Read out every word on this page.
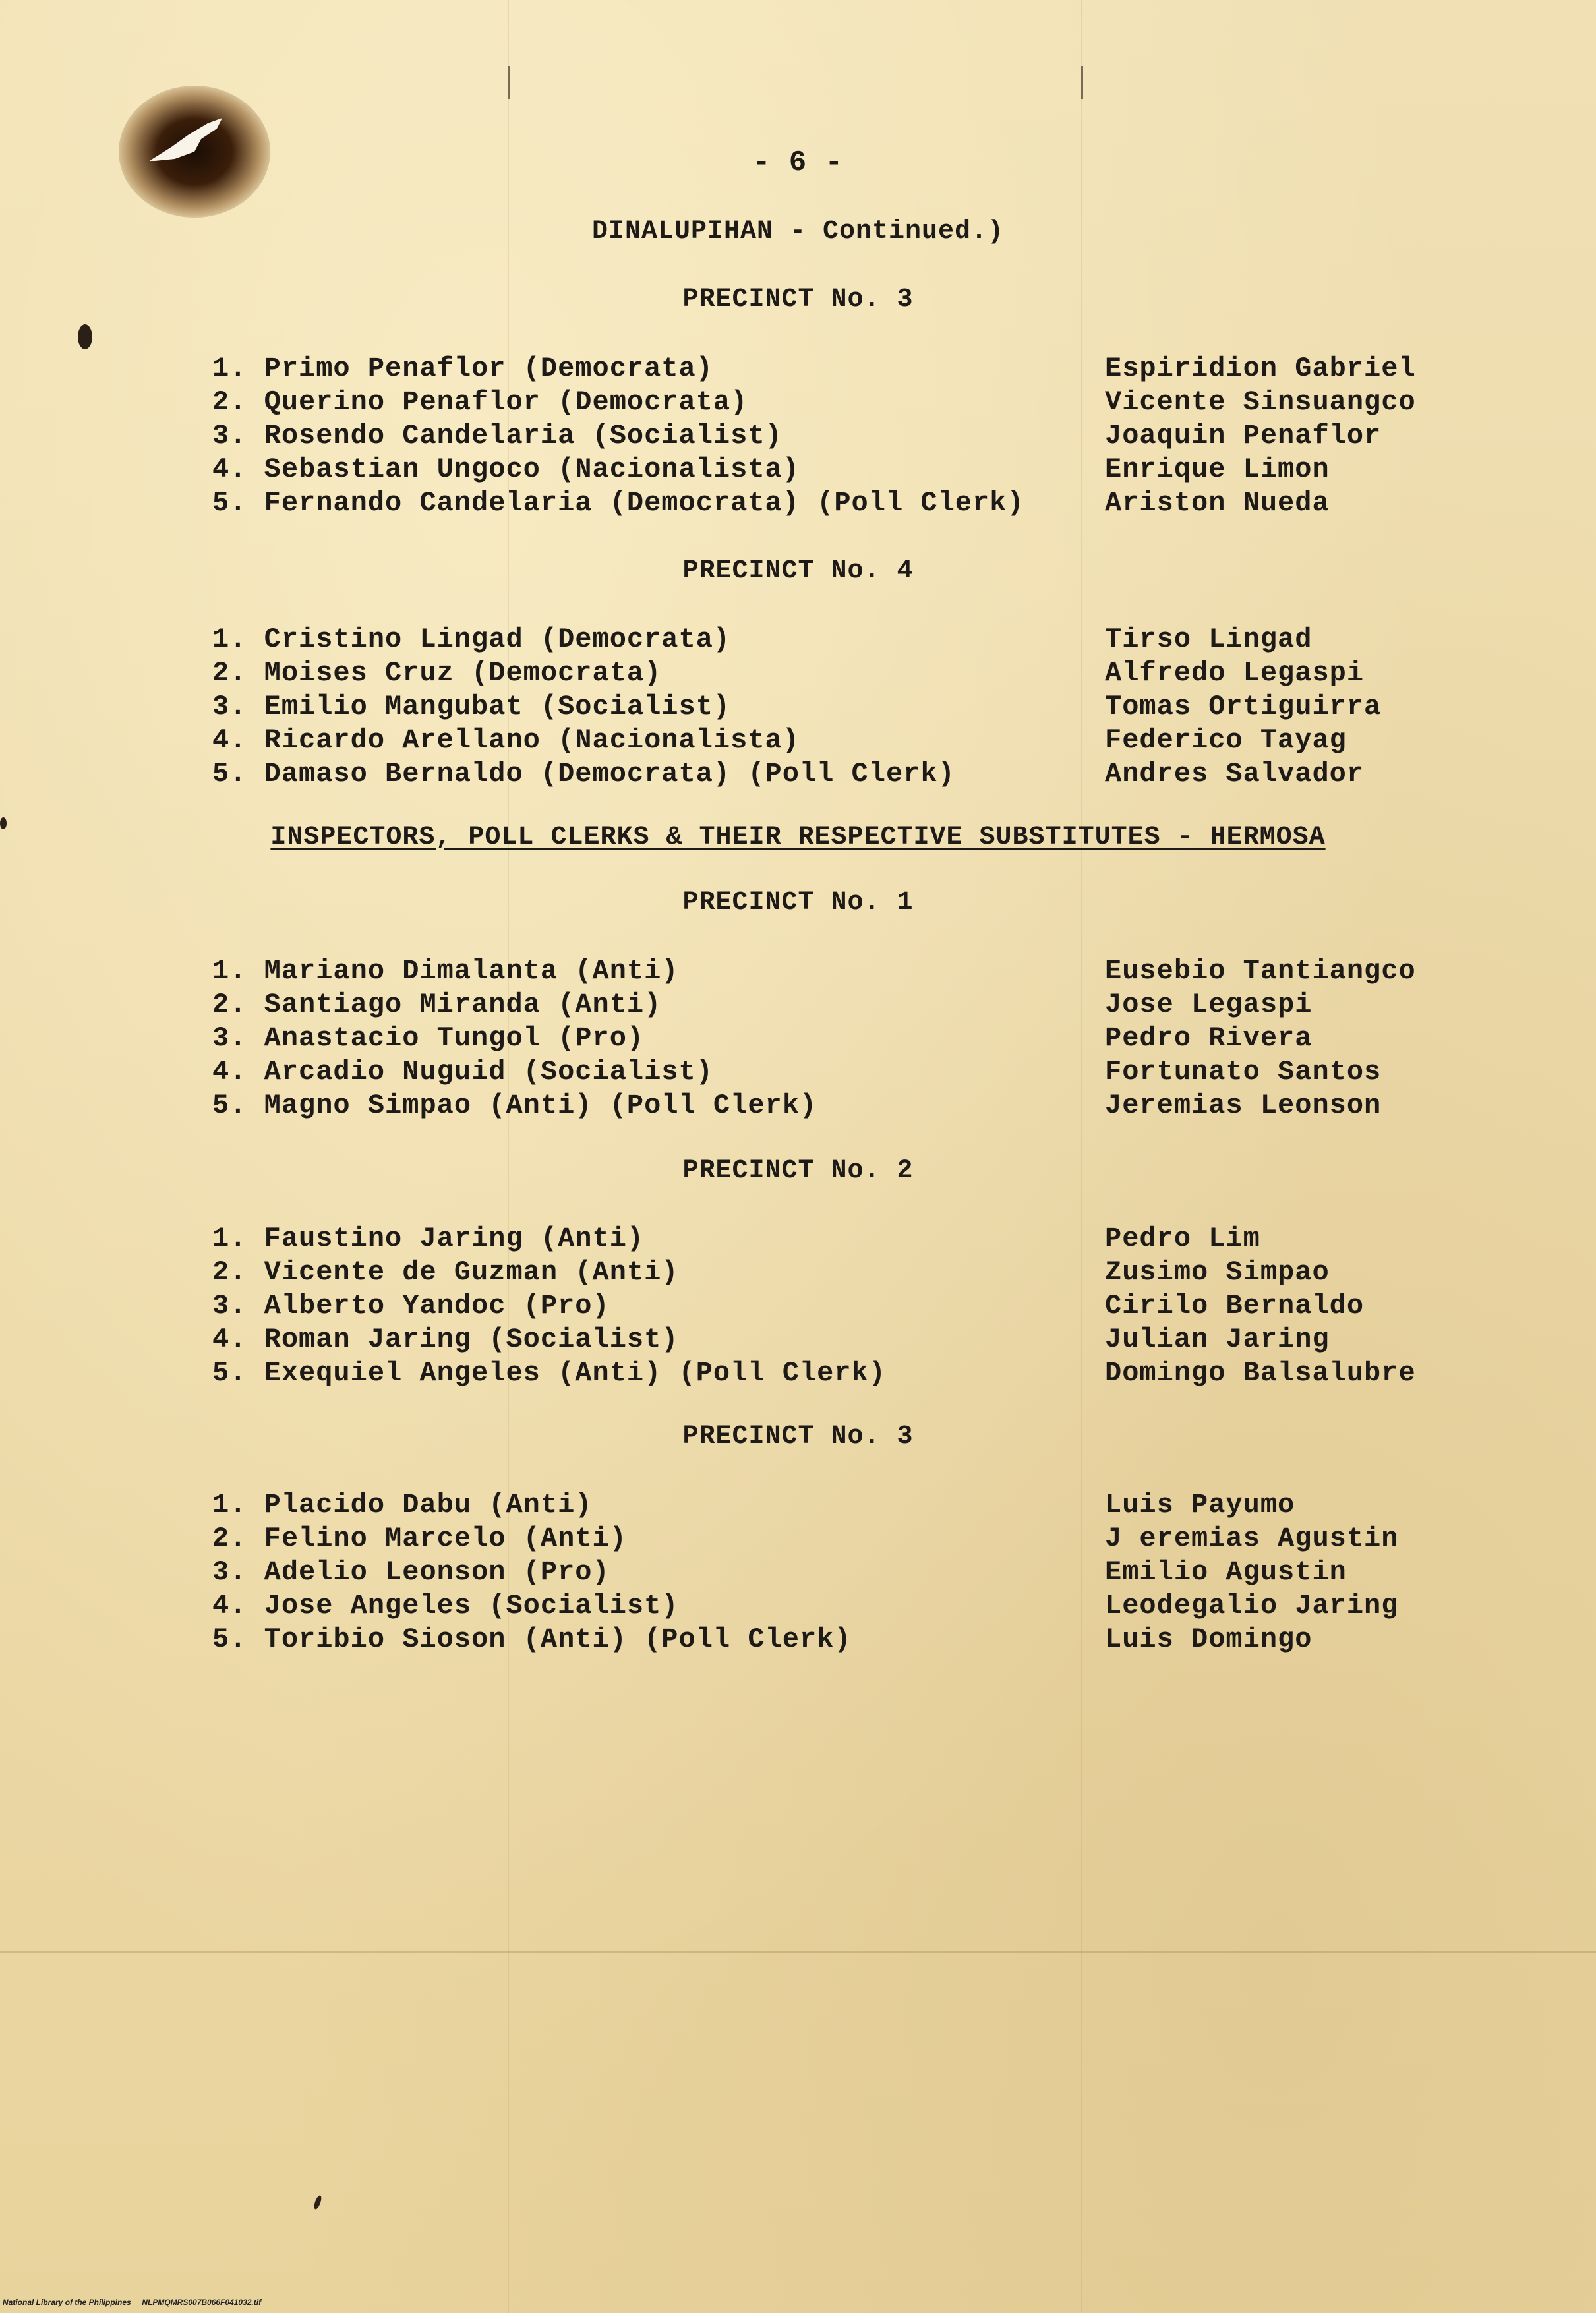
- 6 -
DINALUPIHAN - Continued.)
INSPECTORS, POLL CLERKS & THEIR RESPECTIVE SUBSTITUTES - HERMOSA
PRECINCT No. 3
1. Primo Penaflor (Democrata)	Espiridion Gabriel
2. Querino Penaflor (Democrata)	Vicente Sinsuangco
3. Rosendo Candelaria (Socialist)	Joaquin Penaflor
4. Sebastian Ungoco (Nacionalista)	Enrique Limon
5. Fernando Candelaria (Democrata) (Poll Clerk)	Ariston Nueda
PRECINCT No. 4
1. Cristino Lingad (Democrata)	Tirso Lingad
2. Moises Cruz (Democrata)	Alfredo Legaspi
3. Emilio Mangubat (Socialist)	Tomas Ortiguirra
4. Ricardo Arellano (Nacionalista)	Federico Tayag
5. Damaso Bernaldo (Democrata) (Poll Clerk)	Andres Salvador
PRECINCT No. 1
1. Mariano Dimalanta (Anti)	Eusebio Tantiangco
2. Santiago Miranda (Anti)	Jose Legaspi
3. Anastacio Tungol (Pro)	Pedro Rivera
4. Arcadio Nuguid (Socialist)	Fortunato Santos
5. Magno Simpao (Anti) (Poll Clerk)	Jeremias Leonson
PRECINCT No. 2
1. Faustino Jaring (Anti)	Pedro Lim
2. Vicente de Guzman (Anti)	Zusimo Simpao
3. Alberto Yandoc (Pro)	Cirilo Bernaldo
4. Roman Jaring (Socialist)	Julian Jaring
5. Exequiel Angeles (Anti) (Poll Clerk)	Domingo Balsalubre
PRECINCT No. 3
1. Placido Dabu (Anti)	Luis Payumo
2. Felino Marcelo (Anti)	J eremias Agustin
3. Adelio Leonson (Pro)	Emilio Agustin
4. Jose Angeles (Socialist)	Leodegalio Jaring
5. Toribio Sioson (Anti) (Poll Clerk)	Luis Domingo
National Library of the Philippines     NLPMQMRS007B066F041032.tif
